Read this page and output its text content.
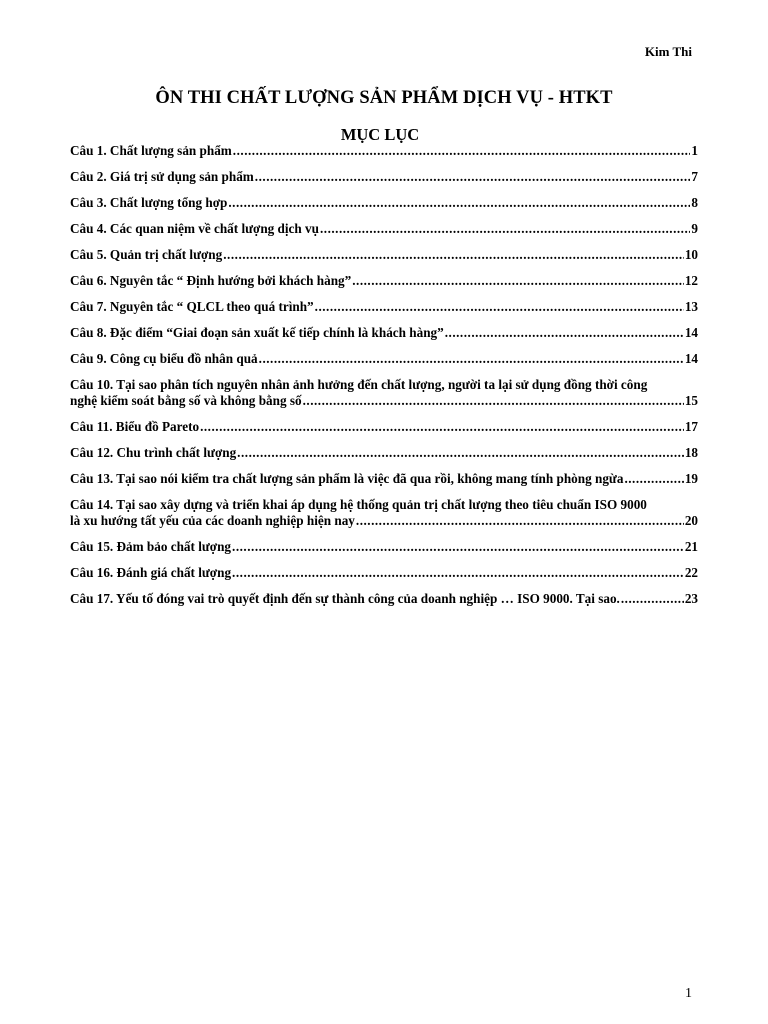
Kim Thi
ÔN THI CHẤT LƯỢNG SẢN PHẨM DỊCH VỤ - HTKT
MỤC LỤC
Câu 1. Chất lượng sản phẩm .....	1
Câu 2. Giá trị sử dụng sản phẩm .....	7
Câu 3. Chất lượng tổng hợp .....	8
Câu 4. Các quan niệm về chất lượng dịch vụ .....	9
Câu 5. Quản trị chất lượng .....	10
Câu 6. Nguyên tắc “ Định hướng bởi khách hàng” .....	12
Câu 7. Nguyên tắc “ QLCL theo quá trình” .....	13
Câu 8. Đặc điểm “Giai đoạn sản xuất kế tiếp chính là khách hàng” .....	14
Câu 9. Công cụ biểu đồ nhân quả .....	14
Câu 10. Tại sao phân tích nguyên nhân ảnh hưởng đến chất lượng, người ta lại sử dụng đồng thời công
nghệ kiểm soát bằng số và không bằng số .....	15
Câu 11. Biểu đồ Pareto .....	17
Câu 12. Chu trình chất lượng .....	18
Câu 13. Tại sao nói kiểm tra chất lượng sản phẩm là việc đã qua rồi, không mang tính phòng ngừa .....	19
Câu 14. Tại sao xây dựng và triển khai áp dụng hệ thống quản trị chất lượng theo tiêu chuẩn ISO 9000
là xu hướng tất yếu của các doanh nghiệp hiện nay .....	20
Câu 15. Đảm bảo chất lượng .....	21
Câu 16. Đánh giá chất lượng .....	22
Câu 17. Yếu tố đóng vai trò quyết định đến sự thành công của doanh nghiệp … ISO 9000. Tại sao. .....	23
1
